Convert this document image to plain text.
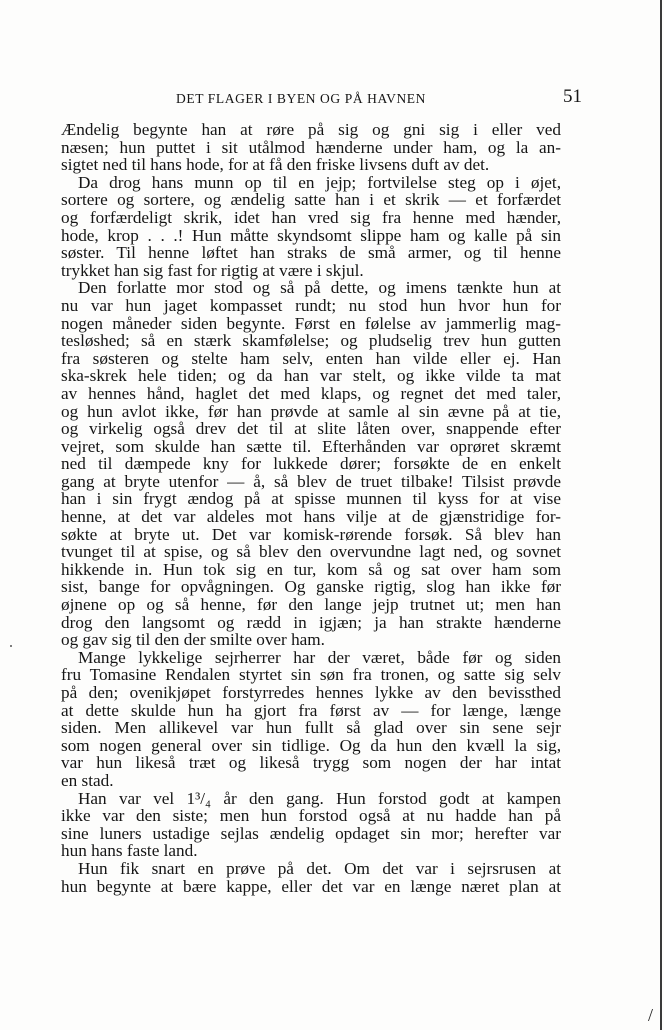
DET FLAGER I BYEN OG PÅ HAVNEN	51
Ændelig begynte han at røre på sig og gni sig i eller ved
næsen; hun puttet i sit utålmod hænderne under ham, og la an-
sigtet ned til hans hode, for at få den friske livsens duft av det.
Da drog hans munn op til en jejp; fortvilelse steg op i øjet,
sortere og sortere, og ændelig satte han i et skrik — et forfærdet
og forfærdeligt skrik, idet han vred sig fra henne med hænder,
hode, krop . . .! Hun måtte skyndsomt slippe ham og kalle på sin
søster. Til henne løftet han straks de små armer, og til henne
trykket han sig fast for rigtig at være i skjul.
Den forlatte mor stod og så på dette, og imens tænkte hun at
nu var hun jaget kompasset rundt; nu stod hun hvor hun for
nogen måneder siden begynte. Først en følelse av jammerlig mag-
tesløshed; så en stærk skamfølelse; og pludselig trev hun gutten
fra søsteren og stelte ham selv, enten han vilde eller ej. Han
ska-skrek hele tiden; og da han var stelt, og ikke vilde ta mat
av hennes hånd, haglet det med klaps, og regnet det med taler,
og hun avlot ikke, før han prøvde at samle al sin ævne på at tie,
og virkelig også drev det til at slite låten over, snappende efter
vejret, som skulde han sætte til. Efterhånden var oprøret skræmt
ned til dæmpede kny for lukkede dører; forsøkte de en enkelt
gang at bryte utenfor — å, så blev de truet tilbake! Tilsist prøvde
han i sin frygt ændog på at spisse munnen til kyss for at vise
henne, at det var aldeles mot hans vilje at de gjænstridige for-
søkte at bryte ut. Det var komisk-rørende forsøk. Så blev han
tvunget til at spise, og så blev den overvundne lagt ned, og sovnet
hikkende in. Hun tok sig en tur, kom så og sat over ham som
sist, bange for opvågningen. Og ganske rigtig, slog han ikke før
øjnene op og så henne, før den lange jejp trutnet ut; men han
drog den langsomt og rædd in igjæn; ja han strakte hænderne
og gav sig til den der smilte over ham.
Mange lykkelige sejrherrer har der været, både før og siden
fru Tomasine Rendalen styrtet sin søn fra tronen, og satte sig selv
på den; ovenikjøpet forstyrredes hennes lykke av den bevissthed
at dette skulde hun ha gjort fra først av — for længe, længe
siden. Men allikevel var hun fullt så glad over sin sene sejr
som nogen general over sin tidlige. Og da hun den kvæll la sig,
var hun likeså træt og likeså trygg som nogen der har intat
en stad.
Han var vel 1³/₄ år den gang. Hun forstod godt at kampen
ikke var den siste; men hun forstod også at nu hadde han på
sine luners ustadige sejlas ændelig opdaget sin mor; herefter var
hun hans faste land.
Hun fik snart en prøve på det. Om det var i sejrsrusen at
hun begynte at bære kappe, eller det var en længe næret plan at
/
